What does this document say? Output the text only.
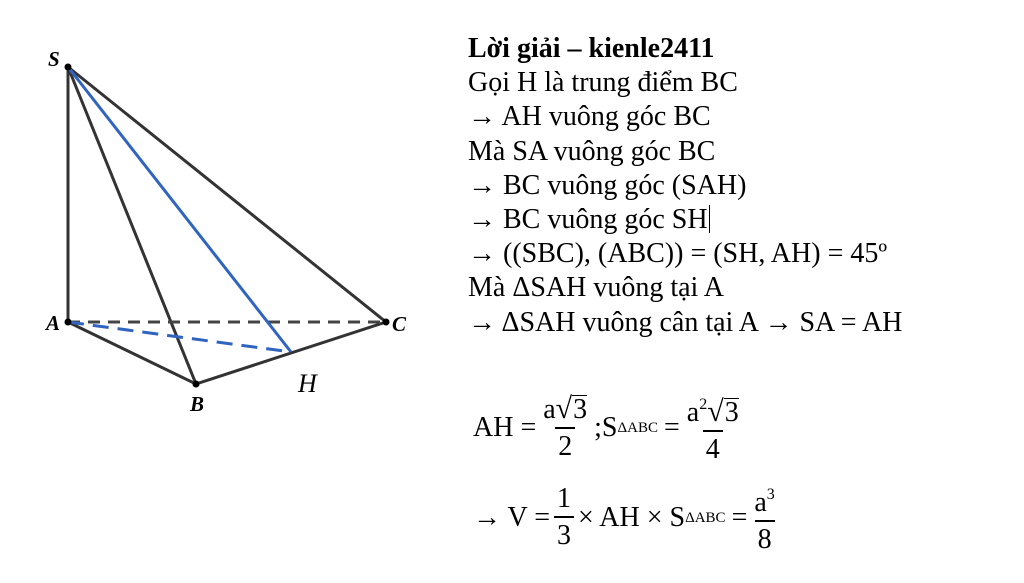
S
A
B
C
H
Lời giải – kienle2411
Gọi H là trung điểm BC
→ AH vuông góc BC
Mà SA vuông góc BC
→ BC vuông góc (SAH)
→ BC vuông góc SH
→ ((SBC), (ABC)) = (SH, AH) = 45º
Mà ΔSAH vuông tại A
→ ΔSAH vuông cân tại A → SA = AH
AH = $\frac{a √ 3}{2}$ ;S $\Delta ABC = \frac{a^2 √ 3}{4}$
→ $V = \frac{1}{3}$ × AH × S $\Delta ABC = \frac{a^3}{8}$
